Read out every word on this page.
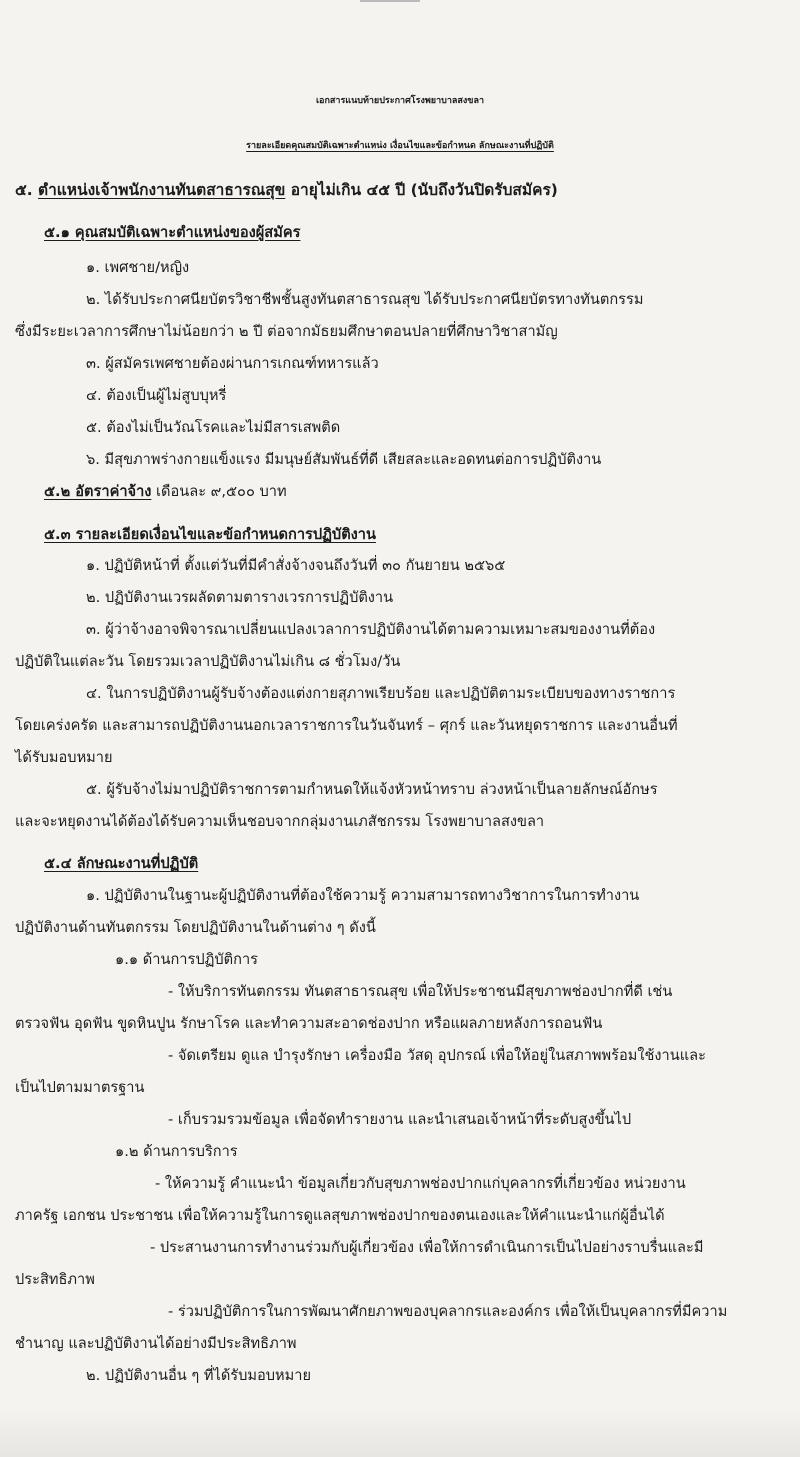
เอกสารแนบท้ายประกาศโรงพยาบาลสงขลา
รายละเอียดคุณสมบัติเฉพาะตำแหน่ง เงื่อนไขและข้อกำหนด ลักษณะงานที่ปฏิบัติ
๕. ตำแหน่งเจ้าพนักงานทันตสาธารณสุข อายุไม่เกิน ๔๕ ปี (นับถึงวันปิดรับสมัคร)
๕.๑ คุณสมบัติเฉพาะตำแหน่งของผู้สมัคร
๑. เพศชาย/หญิง
๒. ได้รับประกาศนียบัตรวิชาชีพชั้นสูงทันตสาธารณสุข ได้รับประกาศนียบัตรทางทันตกรรม
ซึ่งมีระยะเวลาการศึกษาไม่น้อยกว่า ๒ ปี ต่อจากมัธยมศึกษาตอนปลายที่ศึกษาวิชาสามัญ
๓. ผู้สมัครเพศชายต้องผ่านการเกณฑ์ทหารแล้ว
๔. ต้องเป็นผู้ไม่สูบบุหรี่
๕. ต้องไม่เป็นวัณโรคและไม่มีสารเสพติด
๖. มีสุขภาพร่างกายแข็งแรง มีมนุษย์สัมพันธ์ที่ดี เสียสละและอดทนต่อการปฏิบัติงาน
๕.๒ อัตราค่าจ้าง เดือนละ ๙,๕๐๐ บาท
๕.๓ รายละเอียดเงื่อนไขและข้อกำหนดการปฏิบัติงาน
๑. ปฏิบัติหน้าที่ ตั้งแต่วันที่มีคำสั่งจ้างจนถึงวันที่ ๓๐ กันยายน ๒๕๖๕
๒. ปฏิบัติงานเวรผลัดตามตารางเวรการปฏิบัติงาน
๓. ผู้ว่าจ้างอาจพิจารณาเปลี่ยนแปลงเวลาการปฏิบัติงานได้ตามความเหมาะสมของงานที่ต้อง
ปฏิบัติในแต่ละวัน โดยรวมเวลาปฏิบัติงานไม่เกิน ๘ ชั่วโมง/วัน
๔. ในการปฏิบัติงานผู้รับจ้างต้องแต่งกายสุภาพเรียบร้อย และปฏิบัติตามระเบียบของทางราชการ
โดยเคร่งครัด และสามารถปฏิบัติงานนอกเวลาราชการในวันจันทร์ – ศุกร์ และวันหยุดราชการ และงานอื่นที่
ได้รับมอบหมาย
๕. ผู้รับจ้างไม่มาปฏิบัติราชการตามกำหนดให้แจ้งหัวหน้าทราบ ล่วงหน้าเป็นลายลักษณ์อักษร
และจะหยุดงานได้ต้องได้รับความเห็นชอบจากกลุ่มงานเภสัชกรรม โรงพยาบาลสงขลา
๕.๔ ลักษณะงานที่ปฏิบัติ
๑. ปฏิบัติงานในฐานะผู้ปฏิบัติงานที่ต้องใช้ความรู้ ความสามารถทางวิชาการในการทำงาน
ปฏิบัติงานด้านทันตกรรม โดยปฏิบัติงานในด้านต่าง ๆ ดังนี้
๑.๑ ด้านการปฏิบัติการ
- ให้บริการทันตกรรม ทันตสาธารณสุข เพื่อให้ประชาชนมีสุขภาพช่องปากที่ดี เช่น
ตรวจฟัน อุดฟัน ขูดหินปูน รักษาโรค และทำความสะอาดช่องปาก หรือแผลภายหลังการถอนฟัน
- จัดเตรียม ดูแล บำรุงรักษา เครื่องมือ วัสดุ อุปกรณ์ เพื่อให้อยู่ในสภาพพร้อมใช้งานและ
เป็นไปตามมาตรฐาน
- เก็บรวมรวมข้อมูล เพื่อจัดทำรายงาน และนำเสนอเจ้าหน้าที่ระดับสูงขึ้นไป
๑.๒ ด้านการบริการ
- ให้ความรู้ คำแนะนำ ข้อมูลเกี่ยวกับสุขภาพช่องปากแก่บุคลากรที่เกี่ยวข้อง หน่วยงาน
ภาครัฐ เอกชน ประชาชน เพื่อให้ความรู้ในการดูแลสุขภาพช่องปากของตนเองและให้คำแนะนำแก่ผู้อื่นได้
- ประสานงานการทำงานร่วมกับผู้เกี่ยวข้อง เพื่อให้การดำเนินการเป็นไปอย่างราบรื่นและมี
ประสิทธิภาพ
- ร่วมปฏิบัติการในการพัฒนาศักยภาพของบุคลากรและองค์กร เพื่อให้เป็นบุคลากรที่มีความ
ชำนาญ และปฏิบัติงานได้อย่างมีประสิทธิภาพ
๒. ปฏิบัติงานอื่น ๆ ที่ได้รับมอบหมาย
